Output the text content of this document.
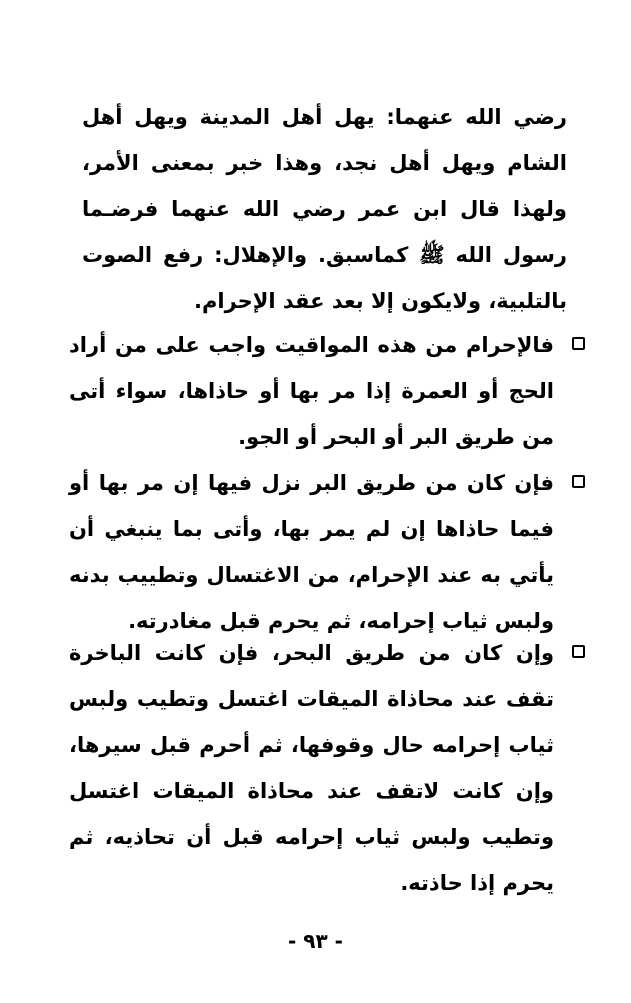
رضي الله عنهما: يهل أهل المدينة ويهل أهل الشام ويهل أهل نجد، وهذا خبر بمعنى الأمر، ولهذا قال ابن عمر رضي الله عنهما فرضـما رسول الله ﷺ كماسبق. والإهلال: رفع الصوت بالتلبية، ولايكون إلا بعد عقد الإحرام.

فالإحرام من هذه المواقيت واجب على من أراد الحج أو العمرة إذا مر بها أو حاذاها، سواء أتى من طريق البر أو البحر أو الجو.

فإن كان من طريق البر نزل فيها إن مر بها أو فيما حاذاها إن لم يمر بها، وأتى بما ينبغي أن يأتي به عند الإحرام، من الاغتسال وتطييب بدنه ولبس ثياب إحرامه، ثم يحرم قبل مغادرته.

وإن كان من طريق البحر، فإن كانت الباخرة تقف عند محاذاة الميقات اغتسل وتطيب ولبس ثياب إحرامه حال وقوفها، ثم أحرم قبل سيرها، وإن كانت لاتقف عند محاذاة الميقات اغتسل وتطيب ولبس ثياب إحرامه قبل أن تحاذيه، ثم يحرم إذا حاذته.

- ٩٣ -
